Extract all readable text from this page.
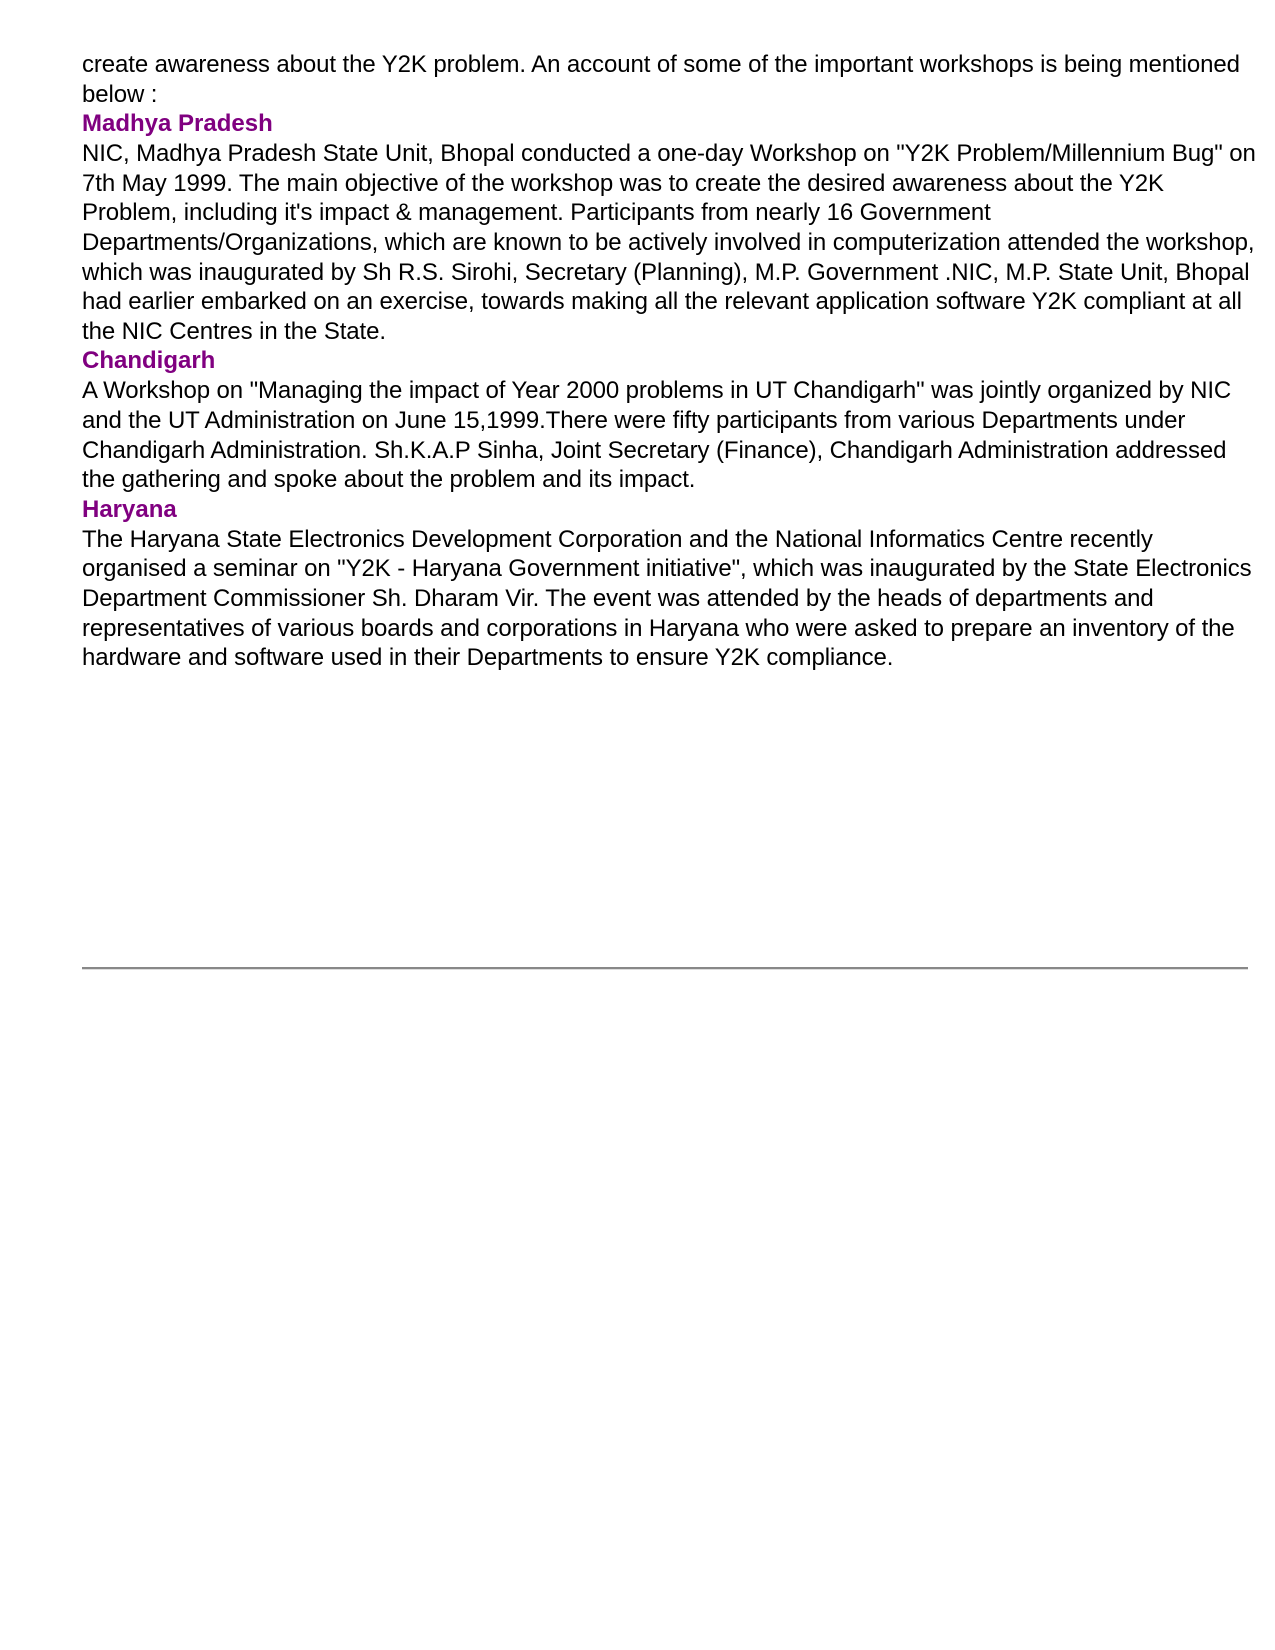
create awareness about the Y2K problem. An account of some of the important workshops is being mentioned below :

Madhya Pradesh

NIC, Madhya Pradesh State Unit, Bhopal conducted a one-day Workshop on "Y2K Problem/Millennium Bug" on 7th May 1999. The main objective of the workshop was to create the desired awareness about the Y2K Problem, including it's impact & management. Participants from nearly 16 Government Departments/Organizations, which are known to be actively involved in computerization attended the workshop, which was inaugurated by Sh R.S. Sirohi, Secretary (Planning), M.P. Government .NIC, M.P. State Unit, Bhopal had earlier embarked on an exercise, towards making all the relevant application software Y2K compliant at all the NIC Centres in the State.

Chandigarh

A Workshop on "Managing the impact of Year 2000 problems in UT Chandigarh" was jointly organized by NIC and the UT Administration on June 15,1999.There were fifty participants from various Departments under Chandigarh Administration. Sh.K.A.P Sinha, Joint Secretary (Finance), Chandigarh Administration addressed the gathering and spoke about the problem and its impact.

Haryana

The Haryana State Electronics Development Corporation and the National Informatics Centre recently organised a seminar on "Y2K - Haryana Government initiative", which was inaugurated by the State Electronics Department Commissioner Sh. Dharam Vir. The event was attended by the heads of departments and representatives of various boards and corporations in Haryana who were asked to prepare an inventory of the hardware and software used in their Departments to ensure Y2K compliance.
